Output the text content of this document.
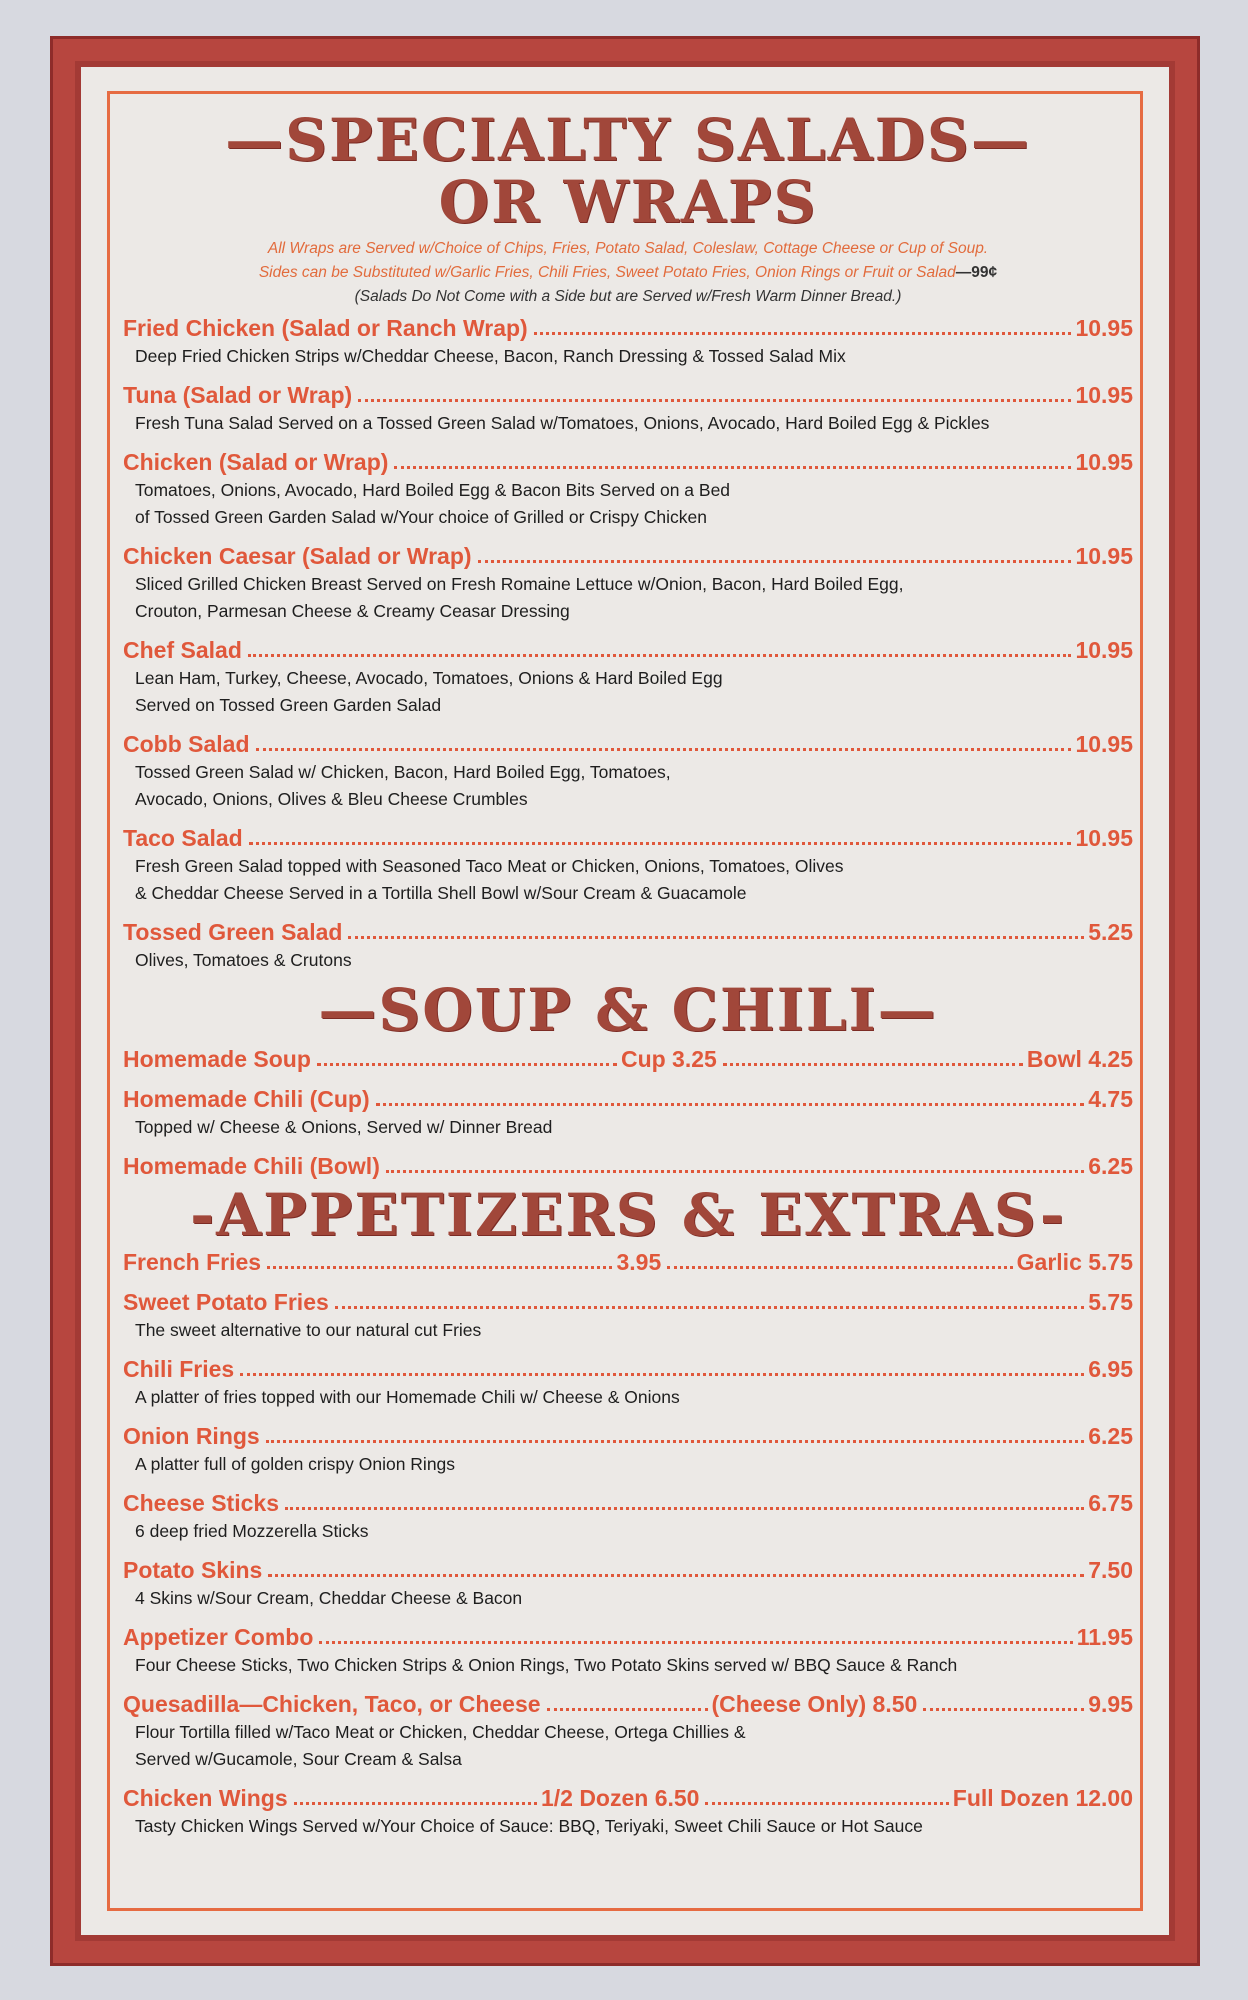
—SPECIALTY SALADS—
OR WRAPS
All Wraps are Served w/Choice of Chips, Fries, Potato Salad, Coleslaw, Cottage Cheese or Cup of Soup.
Sides can be Substituted w/Garlic Fries, Chili Fries, Sweet Potato Fries, Onion Rings or Fruit or Salad—99¢
(Salads Do Not Come with a Side but are Served w/Fresh Warm Dinner Bread.)
Fried Chicken (Salad or Ranch Wrap)	10.95
Deep Fried Chicken Strips w/Cheddar Cheese, Bacon, Ranch Dressing & Tossed Salad Mix
Tuna (Salad or Wrap)	10.95
Fresh Tuna Salad Served on a Tossed Green Salad w/Tomatoes, Onions, Avocado, Hard Boiled Egg & Pickles
Chicken (Salad or Wrap)	10.95
Tomatoes, Onions, Avocado, Hard Boiled Egg & Bacon Bits Served on a Bed
of Tossed Green Garden Salad w/Your choice of Grilled or Crispy Chicken
Chicken Caesar (Salad or Wrap)	10.95
Sliced Grilled Chicken Breast Served on Fresh Romaine Lettuce w/Onion, Bacon, Hard Boiled Egg,
Crouton, Parmesan Cheese & Creamy Ceasar Dressing
Chef Salad	10.95
Lean Ham, Turkey, Cheese, Avocado, Tomatoes, Onions & Hard Boiled Egg
Served on Tossed Green Garden Salad
Cobb Salad	10.95
Tossed Green Salad w/ Chicken, Bacon, Hard Boiled Egg, Tomatoes,
Avocado, Onions, Olives & Bleu Cheese Crumbles
Taco Salad	10.95
Fresh Green Salad topped with Seasoned Taco Meat or Chicken, Onions, Tomatoes, Olives
& Cheddar Cheese Served in a Tortilla Shell Bowl w/Sour Cream & Guacamole
Tossed Green Salad	5.25
Olives, Tomatoes & Crutons
—SOUP & CHILI—
Homemade Soup	Cup 3.25	Bowl 4.25
Homemade Chili (Cup)	4.75
Topped w/ Cheese & Onions, Served w/ Dinner Bread
Homemade Chili (Bowl)	6.25
-APPETIZERS & EXTRAS-
French Fries	3.95	Garlic 5.75
Sweet Potato Fries	5.75
The sweet alternative to our natural cut Fries
Chili Fries	6.95
A platter of fries topped with our Homemade Chili w/ Cheese & Onions
Onion Rings	6.25
A platter full of golden crispy Onion Rings
Cheese Sticks	6.75
6 deep fried Mozzerella Sticks
Potato Skins	7.50
4 Skins w/Sour Cream, Cheddar Cheese & Bacon
Appetizer Combo	11.95
Four Cheese Sticks, Two Chicken Strips & Onion Rings, Two Potato Skins served w/ BBQ Sauce & Ranch
Quesadilla—Chicken, Taco, or Cheese	(Cheese Only) 8.50	9.95
Flour Tortilla filled w/Taco Meat or Chicken, Cheddar Cheese, Ortega Chillies &
Served w/Gucamole, Sour Cream & Salsa
Chicken Wings	1/2 Dozen 6.50	Full Dozen 12.00
Tasty Chicken Wings Served w/Your Choice of Sauce: BBQ, Teriyaki, Sweet Chili Sauce or Hot Sauce
